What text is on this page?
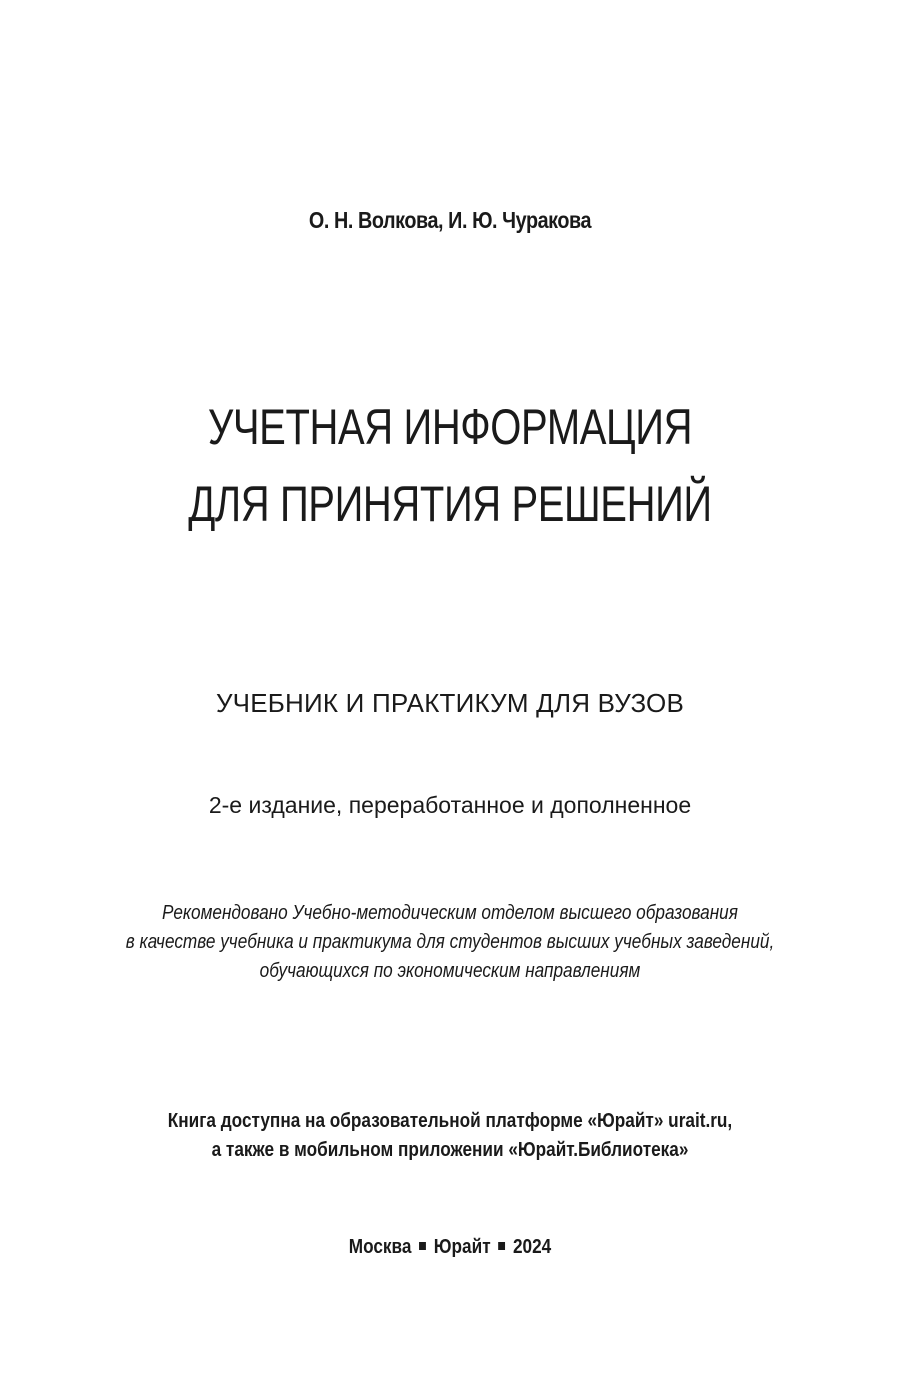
О. Н. Волкова, И. Ю. Чуракова
УЧЕТНАЯ ИНФОРМАЦИЯ
ДЛЯ ПРИНЯТИЯ РЕШЕНИЙ
УЧЕБНИК И ПРАКТИКУМ ДЛЯ ВУЗОВ
2-е издание, переработанное и дополненное
Рекомендовано Учебно-методическим отделом высшего образования
в качестве учебника и практикума для студентов высших учебных заведений,
обучающихся по экономическим направлениям
Книга доступна на образовательной платформе «Юрайт» urait.ru,
а также в мобильном приложении «Юрайт.Библиотека»
Москва Юрайт 2024
